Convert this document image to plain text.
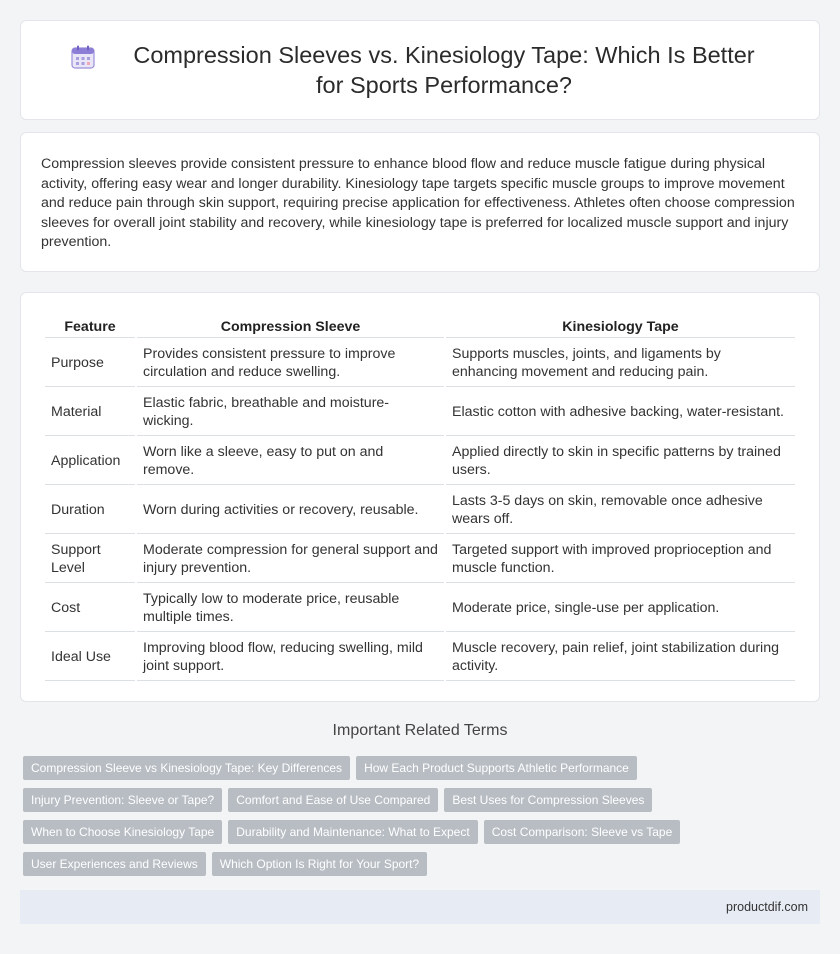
Compression Sleeves vs. Kinesiology Tape: Which Is Better for Sports Performance?

Compression sleeves provide consistent pressure to enhance blood flow and reduce muscle fatigue during physical activity, offering easy wear and longer durability. Kinesiology tape targets specific muscle groups to improve movement and reduce pain through skin support, requiring precise application for effectiveness. Athletes often choose compression sleeves for overall joint stability and recovery, while kinesiology tape is preferred for localized muscle support and injury prevention.

Feature	Compression Sleeve	Kinesiology Tape
Purpose	Provides consistent pressure to improve circulation and reduce swelling.	Supports muscles, joints, and ligaments by enhancing movement and reducing pain.
Material	Elastic fabric, breathable and moisture-wicking.	Elastic cotton with adhesive backing, water-resistant.
Application	Worn like a sleeve, easy to put on and remove.	Applied directly to skin in specific patterns by trained users.
Duration	Worn during activities or recovery, reusable.	Lasts 3-5 days on skin, removable once adhesive wears off.
Support Level	Moderate compression for general support and injury prevention.	Targeted support with improved proprioception and muscle function.
Cost	Typically low to moderate price, reusable multiple times.	Moderate price, single-use per application.
Ideal Use	Improving blood flow, reducing swelling, mild joint support.	Muscle recovery, pain relief, joint stabilization during activity.
Important Related Terms
Compression Sleeve vs Kinesiology Tape: Key Differences	How Each Product Supports Athletic Performance
Injury Prevention: Sleeve or Tape?	Comfort and Ease of Use Compared	Best Uses for Compression Sleeves
When to Choose Kinesiology Tape	Durability and Maintenance: What to Expect	Cost Comparison: Sleeve vs Tape
User Experiences and Reviews	Which Option Is Right for Your Sport?
productdif.com
